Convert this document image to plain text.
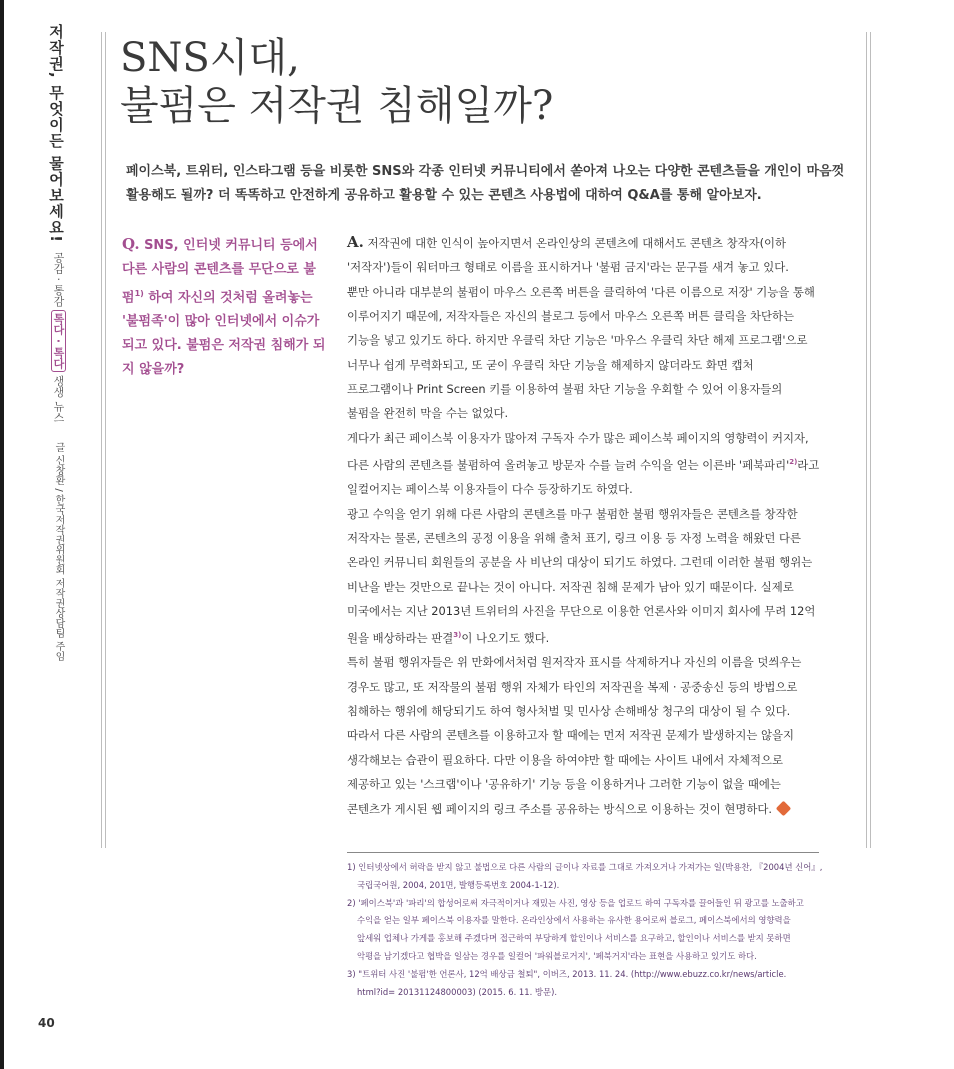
저작권, 무엇이든 물어보세요!
공감 · 통감 톡다 · 톡다 생생 뉴스
글 신창환 / 한국저작권위원회 저작권상담팀 주임
SNS시대,
불펌은 저작권 침해일까?

페이스북, 트위터, 인스타그램 등을 비롯한 SNS와 각종 인터넷 커뮤니티에서 쏟아져 나오는 다양한 콘텐츠들을 개인이 마음껏 활용해도 될까? 더 똑똑하고 안전하게 공유하고 활용할 수 있는 콘텐츠 사용법에 대하여 Q&A를 통해 알아보자.

Q. SNS, 인터넷 커뮤니티 등에서 다른 사람의 콘텐츠를 무단으로 불펌$^{1)}$ 하여 자신의 것처럼 올려놓는 '불펌족'이 많아 인터넷에서 이슈가 되고 있다. 불펌은 저작권 침해가 되지 않을까?

A. 저작권에 대한 인식이 높아지면서 온라인상의 콘텐츠에 대해서도 콘텐츠 창작자(이하

'저작자')들이 워터마크 형태로 이름을 표시하거나 '불펌 금지'라는 문구를 새겨 놓고 있다.

뿐만 아니라 대부분의 불펌이 마우스 오른쪽 버튼을 클릭하여 '다른 이름으로 저장' 기능을 통해

이루어지기 때문에, 저작자들은 자신의 블로그 등에서 마우스 오른쪽 버튼 클릭을 차단하는

기능을 넣고 있기도 하다. 하지만 우클릭 차단 기능은 '마우스 우클릭 차단 해제 프로그램'으로

너무나 쉽게 무력화되고, 또 굳이 우클릭 차단 기능을 해제하지 않더라도 화면 캡처

프로그램이나 Print Screen 키를 이용하여 불펌 차단 기능을 우회할 수 있어 이용자들의

불펌을 완전히 막을 수는 없었다.

게다가 최근 페이스북 이용자가 많아져 구독자 수가 많은 페이스북 페이지의 영향력이 커지자,

다른 사람의 콘텐츠를 불펌하여 올려놓고 방문자 수를 늘려 수익을 얻는 이른바 '페북파리'$^{2)}$라고

일컬어지는 페이스북 이용자들이 다수 등장하기도 하였다.

광고 수익을 얻기 위해 다른 사람의 콘텐츠를 마구 불펌한 불펌 행위자들은 콘텐츠를 창작한

저작자는 물론, 콘텐츠의 공정 이용을 위해 출처 표기, 링크 이용 등 자정 노력을 해왔던 다른

온라인 커뮤니티 회원들의 공분을 사 비난의 대상이 되기도 하였다. 그런데 이러한 불펌 행위는

비난을 받는 것만으로 끝나는 것이 아니다. 저작권 침해 문제가 남아 있기 때문이다. 실제로

미국에서는 지난 2013년 트위터의 사진을 무단으로 이용한 언론사와 이미지 회사에 무려 12억

원을 배상하라는 판결$^{3)}$이 나오기도 했다.

특히 불펌 행위자들은 위 만화에서처럼 원저작자 표시를 삭제하거나 자신의 이름을 덧씌우는

경우도 많고, 또 저작물의 불펌 행위 자체가 타인의 저작권을 복제 · 공중송신 등의 방법으로

침해하는 행위에 해당되기도 하여 형사처벌 및 민사상 손해배상 청구의 대상이 될 수 있다.

따라서 다른 사람의 콘텐츠를 이용하고자 할 때에는 먼저 저작권 문제가 발생하지는 않을지

생각해보는 습관이 필요하다. 다만 이용을 하여야만 할 때에는 사이트 내에서 자체적으로

제공하고 있는 '스크랩'이나 '공유하기' 기능 등을 이용하거나 그러한 기능이 없을 때에는

콘텐츠가 게시된 웹 페이지의 링크 주소를 공유하는 방식으로 이용하는 것이 현명하다.

1) 인터넷상에서 허락을 받지 않고 불법으로 다른 사람의 글이나 자료를 그대로 가져오거나 가져가는 일(박용찬, 『2004년 신어』,
국립국어원, 2004, 201면, 발행등록번호 2004-1-12).
2) '페이스북'과 '파리'의 합성어로써 자극적이거나 재밌는 사진, 영상 등을 업로드 하여 구독자를 끌어들인 뒤 광고를 노출하고
수익을 얻는 일부 페이스북 이용자를 말한다. 온라인상에서 사용하는 유사한 용어로써 블로그, 페이스북에서의 영향력을
앞세워 업체나 가게를 홍보해 주겠다며 접근하여 부당하게 할인이나 서비스를 요구하고, 할인이나 서비스를 받지 못하면
악평을 남기겠다고 협박을 일삼는 경우를 일컬어 '파워블로거지', '페북거지'라는 표현을 사용하고 있기도 하다.
3) "트위터 사진 '불펌'한 언론사, 12억 배상금 철퇴", 이버즈, 2013. 11. 24. (http://www.ebuzz.co.kr/news/article.
html?id= 20131124800003) (2015. 6. 11. 방문).
40
